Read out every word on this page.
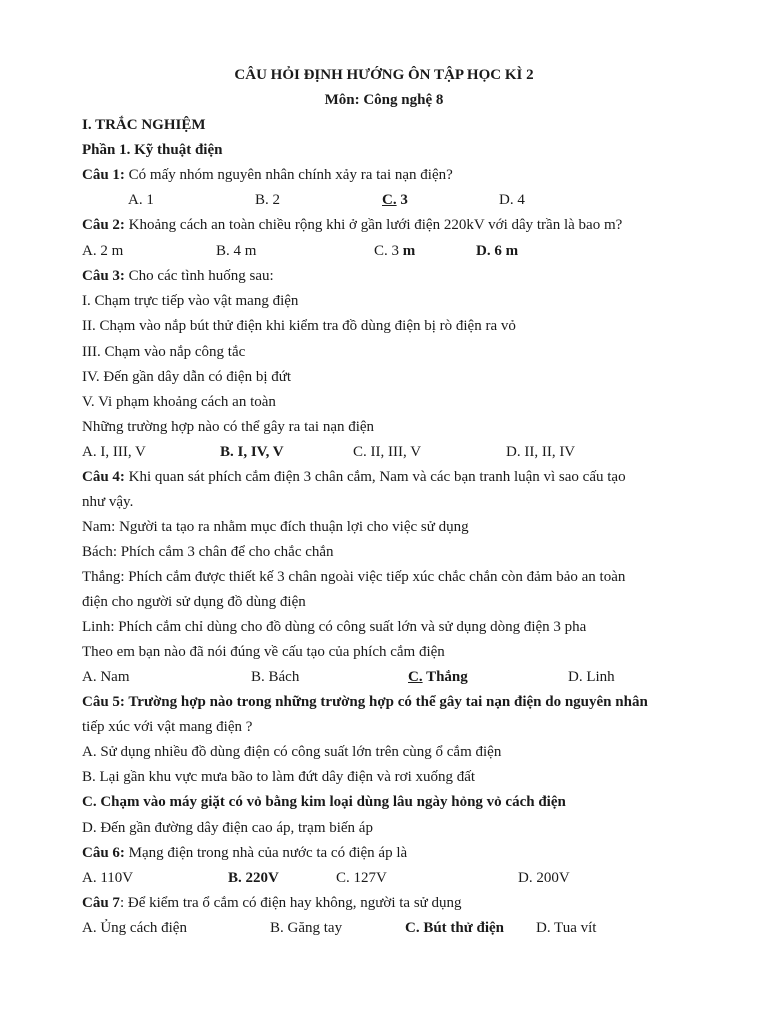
CÂU HỎI ĐỊNH HƯỚNG ÔN TẬP HỌC KÌ 2
Môn: Công nghệ 8
I. TRẮC NGHIỆM
Phần 1. Kỹ thuật điện
Câu 1: Có mấy nhóm nguyên nhân chính xảy ra tai nạn điện?
A. 1	B. 2	C. 3	D. 4
Câu 2: Khoảng cách an toàn chiều rộng khi ở gần lưới điện 220kV với dây trần là bao m?
A. 2 m	B. 4 m	C. 3 m	D. 6 m
Câu 3: Cho các tình huống sau:
I. Chạm trực tiếp vào vật mang điện
II. Chạm vào nắp bút thử điện khi kiểm tra đồ dùng điện bị rò điện ra vỏ
III. Chạm vào nắp công tắc
IV. Đến gần dây dẫn có điện bị đứt
V. Vi phạm khoảng cách an toàn
Những trường hợp nào có thể gây ra tai nạn điện
A. I, III, V	B. I, IV, V	C. II, III, V	D. II, II, IV
Câu 4: Khi quan sát phích cắm điện 3 chân cắm, Nam và các bạn tranh luận vì sao cấu tạo
như vậy.
Nam: Người ta tạo ra nhằm mục đích thuận lợi cho việc sử dụng
Bách: Phích cắm 3 chân để cho chắc chắn
Thắng: Phích cắm được thiết kế 3 chân ngoài việc tiếp xúc chắc chắn còn đảm bảo an toàn
điện cho người sử dụng đồ dùng điện
Linh: Phích cắm chỉ dùng cho đồ dùng có công suất lớn và sử dụng dòng điện 3 pha
Theo em bạn nào đã nói đúng về cấu tạo của phích cắm điện
A. Nam	B. Bách	C. Thắng	D. Linh
Câu 5: Trường hợp nào trong những trường hợp có thể gây tai nạn điện do nguyên nhân
tiếp xúc với vật mang điện ?
A. Sử dụng nhiều đồ dùng điện có công suất lớn trên cùng ổ cắm điện
B. Lại gần khu vực mưa bão to làm đứt dây điện và rơi xuống đất
C. Chạm vào máy giặt có vỏ bằng kim loại dùng lâu ngày hỏng vỏ cách điện
D. Đến gần đường dây điện cao áp, trạm biến áp
Câu 6: Mạng điện trong nhà của nước ta có điện áp là
A. 110V	B. 220V	C. 127V	D. 200V
Câu 7: Để kiểm tra ổ cắm có điện hay không, người ta sử dụng
A. Ủng cách điện	B. Găng tay	C. Bút thử điện D. Tua vít
